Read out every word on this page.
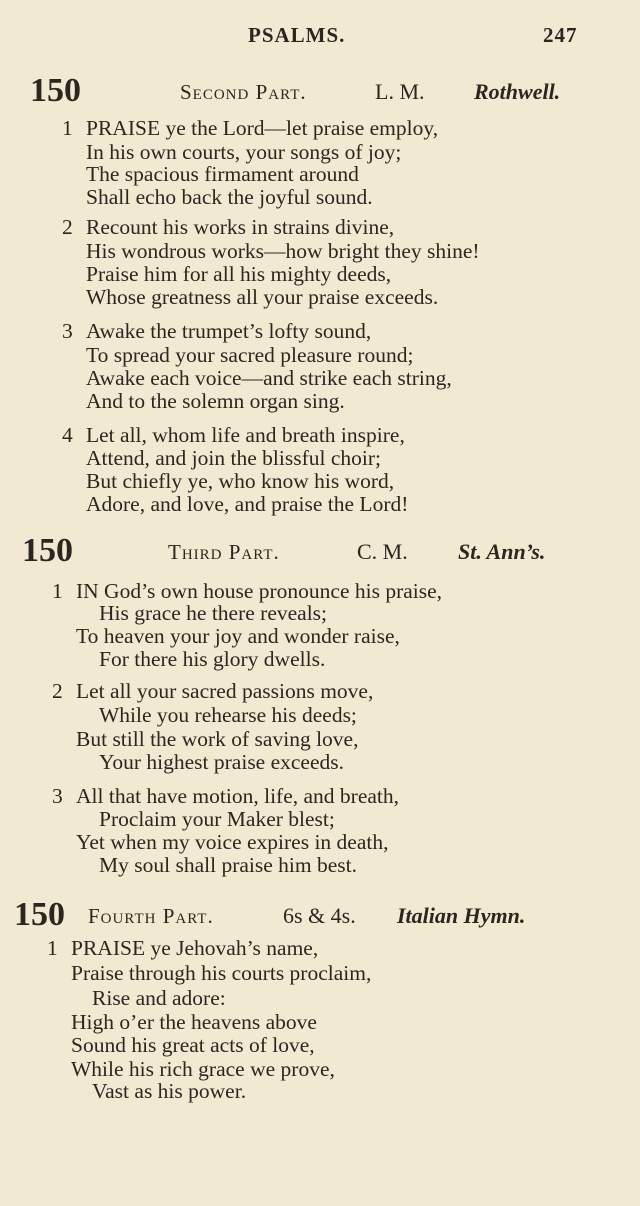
PSALMS.	247
150	Second Part.	L. M. Rothwell.
1 PRAISE ye the Lord—let praise employ,
In his own courts, your songs of joy;
The spacious firmament around
Shall echo back the joyful sound.
2 Recount his works in strains divine,
His wondrous works—how bright they shine!
Praise him for all his mighty deeds,
Whose greatness all your praise exceeds.
3 Awake the trumpet’s lofty sound,
To spread your sacred pleasure round;
Awake each voice—and strike each string,
And to the solemn organ sing.
4 Let all, whom life and breath inspire,
Attend, and join the blissful choir;
But chiefly ye, who know his word,
Adore, and love, and praise the Lord!
150	Third Part.	C. M. St. Ann’s.
1 IN God’s own house pronounce his praise,
His grace he there reveals;
To heaven your joy and wonder raise,
For there his glory dwells.
2 Let all your sacred passions move,
While you rehearse his deeds;
But still the work of saving love,
Your highest praise exceeds.
3 All that have motion, life, and breath,
Proclaim your Maker blest;
Yet when my voice expires in death,
My soul shall praise him best.
150 Fourth Part.	6s & 4s. Italian Hymn.
1 PRAISE ye Jehovah’s name,
Praise through his courts proclaim,
Rise and adore:
High o’er the heavens above
Sound his great acts of love,
While his rich grace we prove,
Vast as his power.
